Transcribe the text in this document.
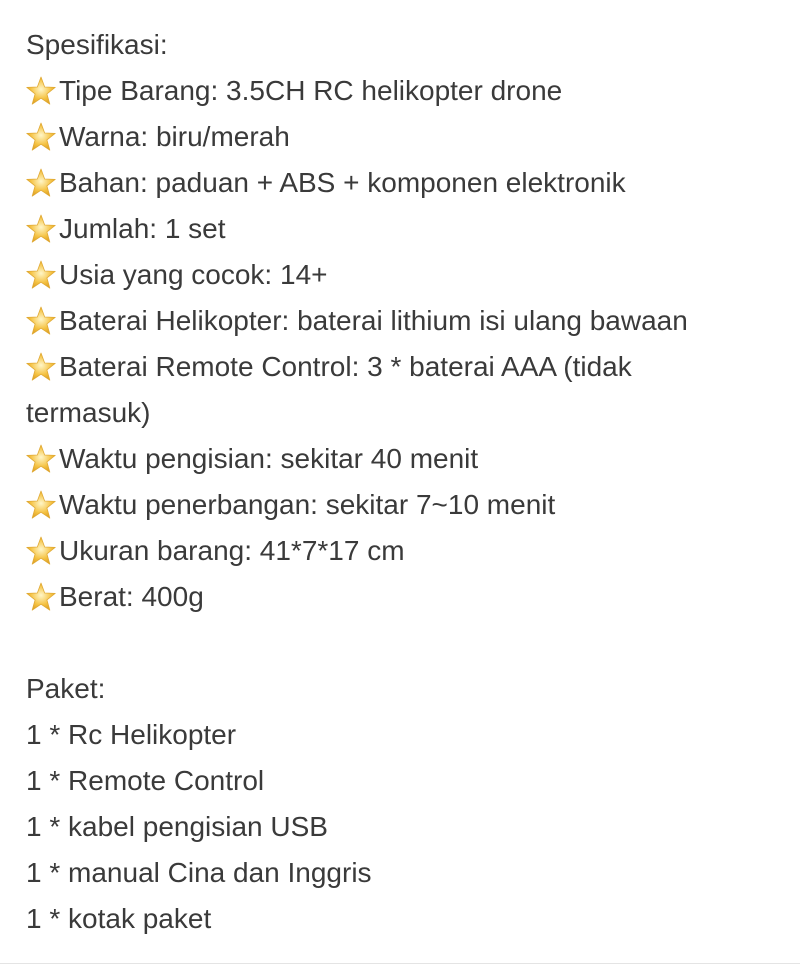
Spesifikasi:
Tipe Barang: 3.5CH RC helikopter drone
Warna: biru/merah
Bahan: paduan + ABS + komponen elektronik
Jumlah: 1 set
Usia yang cocok: 14+
Baterai Helikopter: baterai lithium isi ulang bawaan
Baterai Remote Control: 3 * baterai AAA (tidak
termasuk)
Waktu pengisian: sekitar 40 menit
Waktu penerbangan: sekitar 7~10 menit
Ukuran barang: 41*7*17 cm
Berat: 400g
Paket:
1 * Rc Helikopter
1 * Remote Control
1 * kabel pengisian USB
1 * manual Cina dan Inggris
1 * kotak paket
